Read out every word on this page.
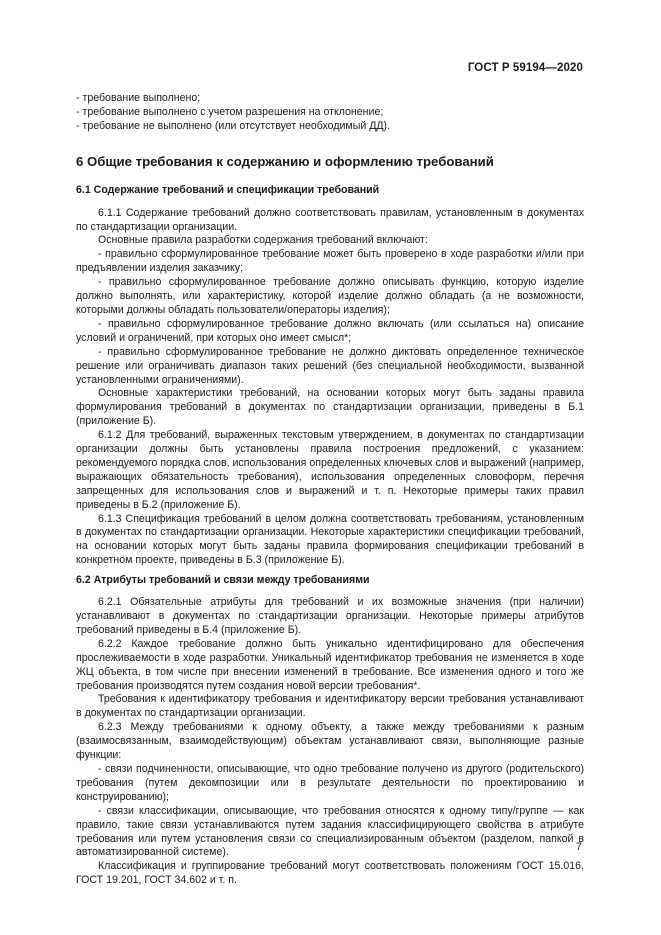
ГОСТ Р 59194—2020

- требование выполнено;

- требование выполнено с учетом разрешения на отклонение;

- требование не выполнено (или отсутствует необходимый ДД).

6 Общие требования к содержанию и оформлению требований
6.1 Содержание требований и спецификации требований

6.1.1 Содержание требований должно соответствовать правилам, установленным в документах по стандартизации организации.

Основные правила разработки содержания требований включают:

- правильно сформулированное требование может быть проверено в ходе разработки и/или при предъявлении изделия заказчику;

- правильно сформулированное требование должно описывать функцию, которую изделие должно выполнять, или характеристику, которой изделие должно обладать (а не возможности, которыми должны обладать пользователи/операторы изделия);

- правильно сформулированное требование должно включать (или ссылаться на) описание условий и ограничений, при которых оно имеет смысл*;

- правильно сформулированное требование не должно диктовать определенное техническое решение или ограничивать диапазон таких решений (без специальной необходимости, вызванной установленными ограничениями).

Основные характеристики требований, на основании которых могут быть заданы правила формулирования требований в документах по стандартизации организации, приведены в Б.1 (приложение Б).

6.1.2 Для требований, выраженных текстовым утверждением, в документах по стандартизации организации должны быть установлены правила построения предложений, с указанием: рекомендуемого порядка слов, использования определенных ключевых слов и выражений (например, выражающих обязательность требования), использования определенных словоформ, перечня запрещенных для использования слов и выражений и т. п. Некоторые примеры таких правил приведены в Б.2 (приложение Б).

6.1.3 Спецификация требований в целом должна соответствовать требованиям, установленным в документах по стандартизации организации. Некоторые характеристики спецификации требований, на основании которых могут быть заданы правила формирования спецификации требований в конкретном проекте, приведены в Б.3 (приложение Б).

6.2 Атрибуты требований и связи между требованиями

6.2.1 Обязательные атрибуты для требований и их возможные значения (при наличии) устанавливают в документах по стандартизации организации. Некоторые примеры атрибутов требований приведены в Б.4 (приложение Б).

6.2.2 Каждое требование должно быть уникально идентифицировано для обеспечения прослеживаемости в ходе разработки. Уникальный идентификатор требования не изменяется в ходе ЖЦ объекта, в том числе при внесении изменений в требование. Все изменения одного и того же требования производятся путем создания новой версии требования*.

Требования к идентификатору требования и идентификатору версии требования устанавливают в документах по стандартизации организации.

6.2.3 Между требованиями к одному объекту, а также между требованиями к разным (взаимосвязанным, взаимодействующим) объектам устанавливают связи, выполняющие разные функции:

- связи подчиненности, описывающие, что одно требование получено из другого (родительского) требования (путем декомпозиции или в результате деятельности по проектированию и конструированию);

- связи классификации, описывающие, что требования относятся к одному типу/группе — как правило, такие связи устанавливаются путем задания классифицирующего свойства в атрибуте требования или путем установления связи со специализированным объектом (разделом, папкой в автоматизированной системе).

Классификация и группирование требований могут соответствовать положениям ГОСТ 15.016, ГОСТ 19.201, ГОСТ 34.602 и т. п.

7
